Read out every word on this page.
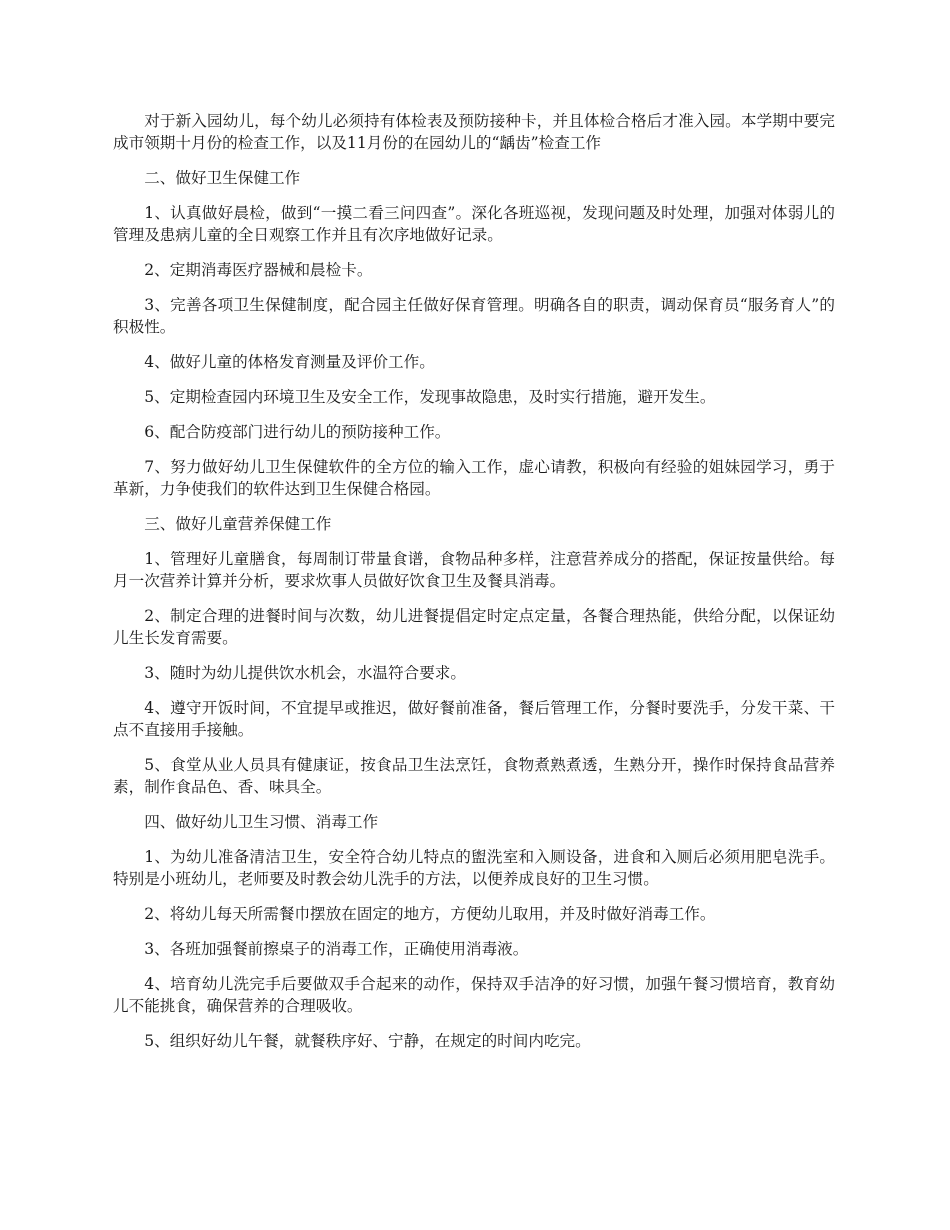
对于新入园幼儿，每个幼儿必须持有体检表及预防接种卡，并且体检合格后才准入园。本学期中要完成市领期十月份的检查工作，以及11月份的在园幼儿的“龋齿”检查工作

二、做好卫生保健工作

1、认真做好晨检，做到“一摸二看三问四查”。深化各班巡视，发现问题及时处理，加强对体弱儿的管理及患病儿童的全日观察工作并且有次序地做好记录。

2、定期消毒医疗器械和晨检卡。

3、完善各项卫生保健制度，配合园主任做好保育管理。明确各自的职责，调动保育员“服务育人”的积极性。

4、做好儿童的体格发育测量及评价工作。

5、定期检查园内环境卫生及安全工作，发现事故隐患，及时实行措施，避开发生。

6、配合防疫部门进行幼儿的预防接种工作。

7、努力做好幼儿卫生保健软件的全方位的输入工作，虚心请教，积极向有经验的姐妹园学习，勇于革新，力争使我们的软件达到卫生保健合格园。

三、做好儿童营养保健工作

1、管理好儿童膳食，每周制订带量食谱，食物品种多样，注意营养成分的搭配，保证按量供给。每月一次营养计算并分析，要求炊事人员做好饮食卫生及餐具消毒。

2、制定合理的进餐时间与次数，幼儿进餐提倡定时定点定量，各餐合理热能，供给分配，以保证幼儿生长发育需要。

3、随时为幼儿提供饮水机会，水温符合要求。

4、遵守开饭时间，不宜提早或推迟，做好餐前准备，餐后管理工作，分餐时要洗手，分发干菜、干点不直接用手接触。

5、食堂从业人员具有健康证，按食品卫生法烹饪，食物煮熟煮透，生熟分开，操作时保持食品营养素，制作食品色、香、味具全。

四、做好幼儿卫生习惯、消毒工作

1、为幼儿准备清洁卫生，安全符合幼儿特点的盥洗室和入厕设备，进食和入厕后必须用肥皂洗手。特别是小班幼儿，老师要及时教会幼儿洗手的方法，以便养成良好的卫生习惯。

2、将幼儿每天所需餐巾摆放在固定的地方，方便幼儿取用，并及时做好消毒工作。

3、各班加强餐前擦桌子的消毒工作，正确使用消毒液。

4、培育幼儿洗完手后要做双手合起来的动作，保持双手洁净的好习惯，加强午餐习惯培育，教育幼儿不能挑食，确保营养的合理吸收。

5、组织好幼儿午餐，就餐秩序好、宁静，在规定的时间内吃完。
